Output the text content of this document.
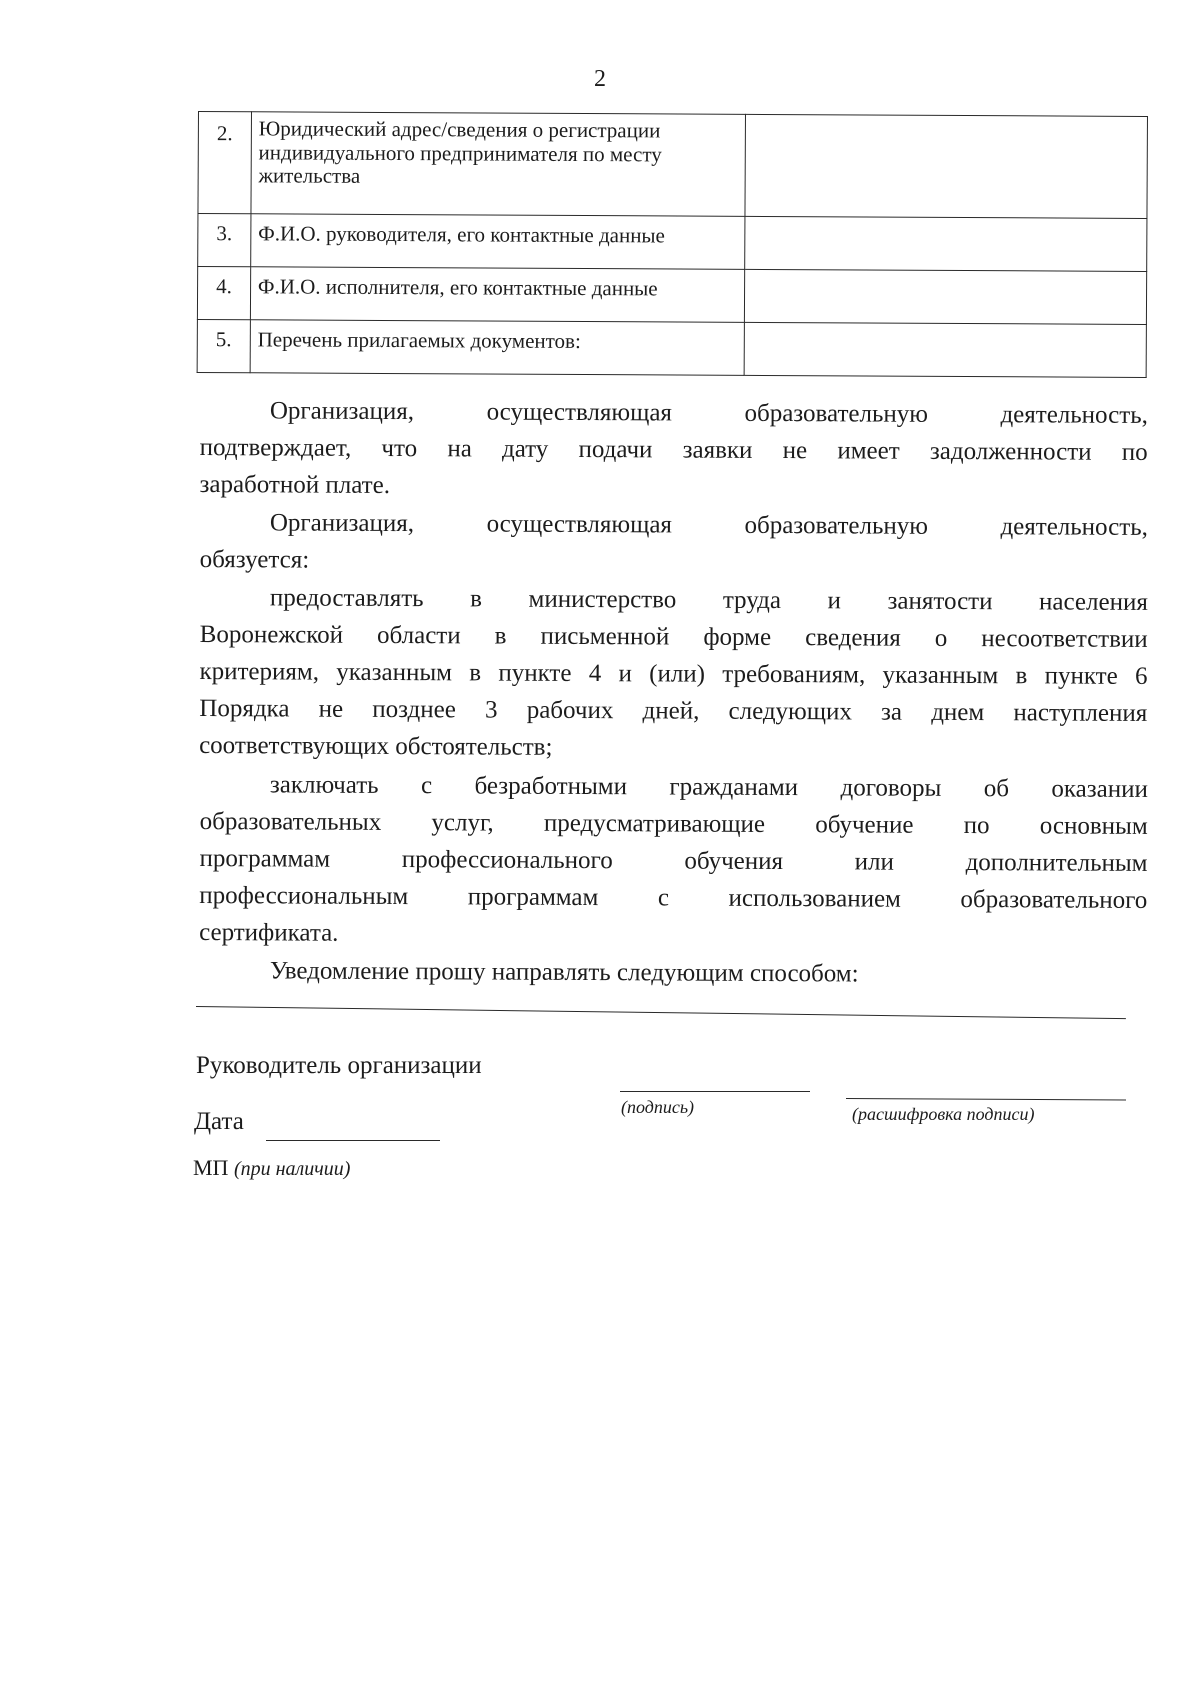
2
2.	Юридический адрес/сведения о регистрации
индивидуального предпринимателя по месту
жительства	

3.	Ф.И.О. руководителя, его контактные данные	
4.	Ф.И.О. исполнителя, его контактные данные	
5.	Перечень прилагаемых документов:	
Организация, осуществляющая образовательную деятельность,
подтверждает, что на дату подачи заявки не имеет задолженности по
заработной плате.
Организация, осуществляющая образовательную деятельность,
обязуется:
предоставлять в министерство труда и занятости населения
Воронежской области в письменной форме сведения о несоответствии
критериям, указанным в пункте 4 и (или) требованиям, указанным в пункте 6
Порядка не позднее 3 рабочих дней, следующих за днем наступления
соответствующих обстоятельств;
заключать с безработными гражданами договоры об оказании
образовательных услуг, предусматривающие обучение по основным
программам профессионального обучения или дополнительным
профессиональным программам с использованием образовательного
сертификата.
Уведомление прошу направлять следующим способом:
Руководитель организации
(подпись)	(расшифровка подписи)
Дата
МП (при наличии)
